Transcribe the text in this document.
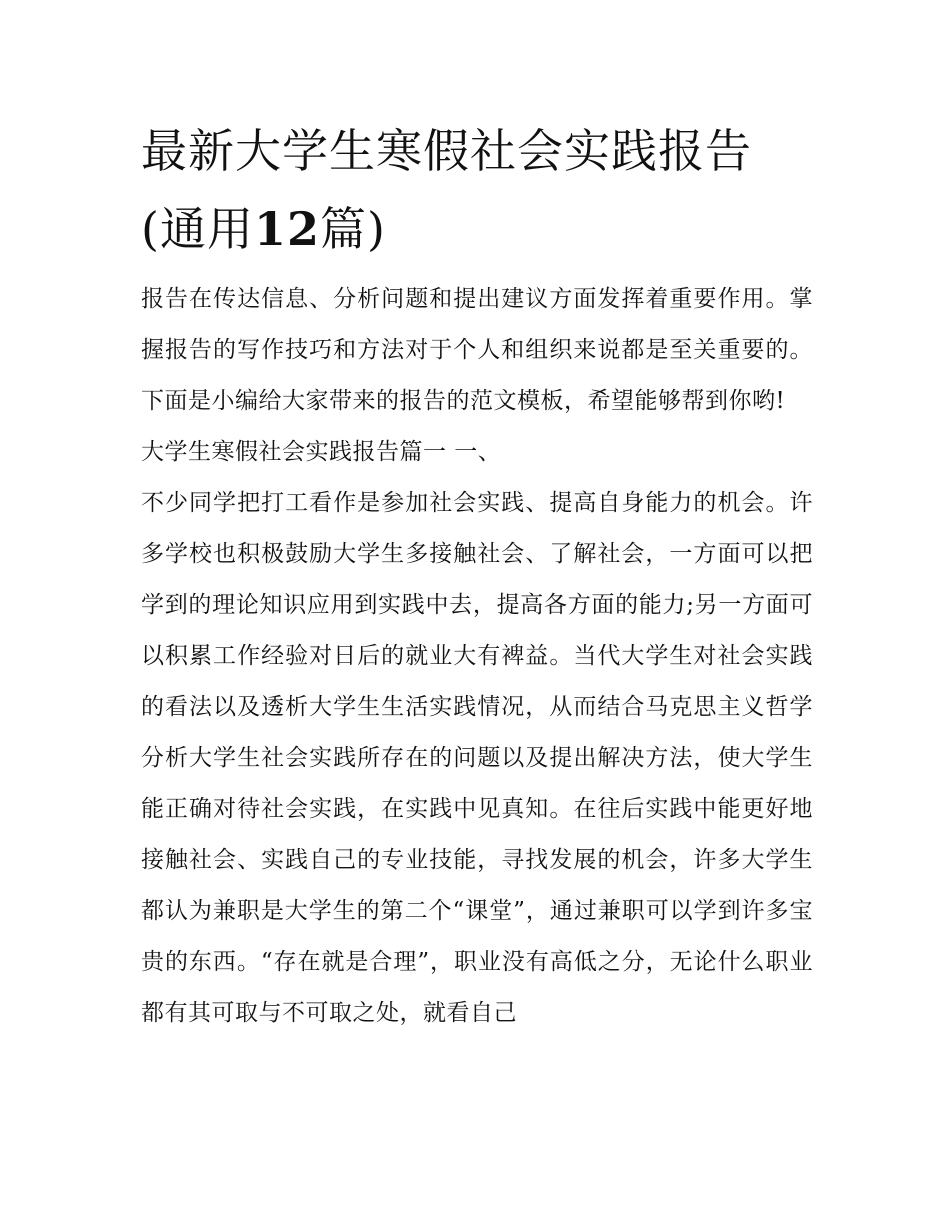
最新大学生寒假社会实践报告
(通用12篇)

报告在传达信息、分析问题和提出建议方面发挥着重要作用。掌握报告的写作技巧和方法对于个人和组织来说都是至关重要的。下面是小编给大家带来的报告的范文模板，希望能够帮到你哟!

大学生寒假社会实践报告篇一 一、

不少同学把打工看作是参加社会实践、提高自身能力的机会。许多学校也积极鼓励大学生多接触社会、了解社会，一方面可以把学到的理论知识应用到实践中去，提高各方面的能力;另一方面可以积累工作经验对日后的就业大有裨益。当代大学生对社会实践的看法以及透析大学生生活实践情况，从而结合马克思主义哲学分析大学生社会实践所存在的问题以及提出解决方法，使大学生能正确对待社会实践，在实践中见真知。在往后实践中能更好地接触社会、实践自己的专业技能，寻找发展的机会，许多大学生都认为兼职是大学生的第二个“课堂”，通过兼职可以学到许多宝贵的东西。“存在就是合理”，职业没有高低之分，无论什么职业都有其可取与不可取之处，就看自己
